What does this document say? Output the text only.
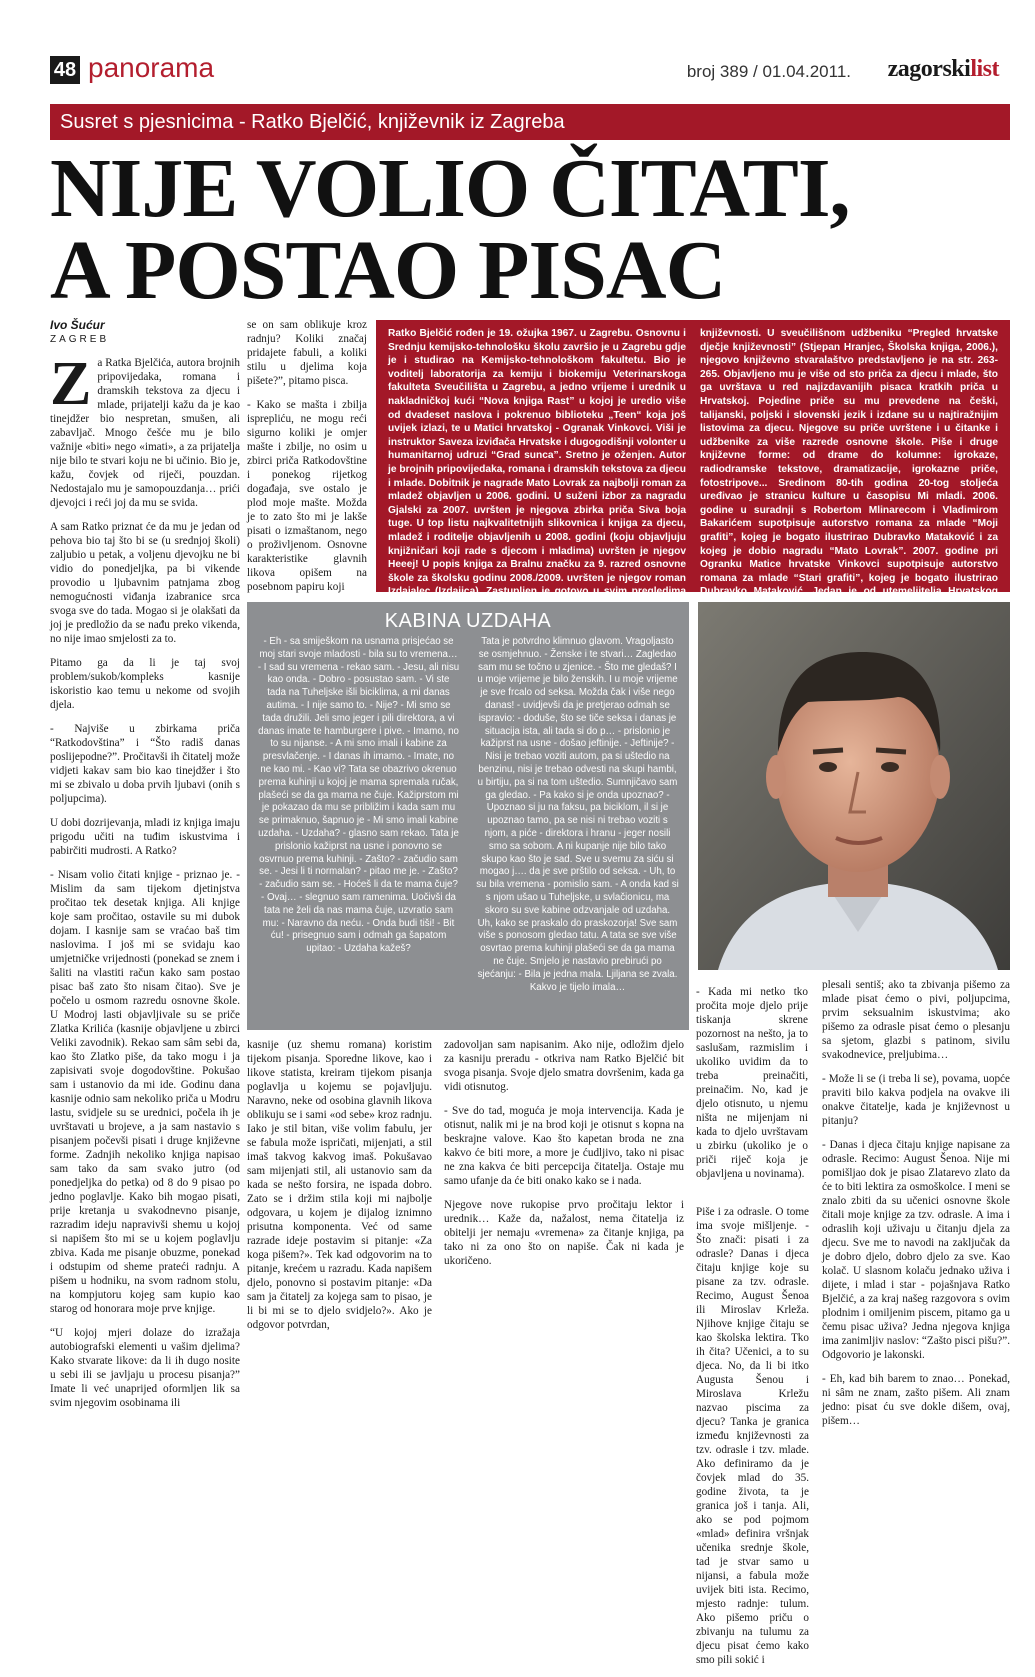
48 panorama	broj 389 / 01.04.2011. zagorskilist
Susret s pjesnicima - Ratko Bjelčić, književnik iz Zagreba
NIJE VOLIO ČITATI,
A POSTAO PISAC
Ivo Šućur
ZAGREB

Za Ratka Bjelčića, autora brojnih pripovijedaka, romana i dramskih tekstova za djecu i mlade, prijatelji kažu da je kao tinejdžer bio nespretan, smušen, ali zabavljač. Mnogo češće mu je bilo važnije «biti» nego «imati», a za prijatelja nije bilo te stvari koju ne bi učinio. Bio je, kažu, čovjek od riječi, pouzdan. Nedostajalo mu je samopouzdanja… prići djevojci i reći joj da mu se svida.

A sam Ratko priznat će da mu je jedan od pehova bio taj što bi se (u srednjoj školi) zaljubio u petak, a voljenu djevojku ne bi vidio do ponedjeljka, pa bi vikende provodio u ljubavnim patnjama zbog nemogućnosti viđanja izabranice srca svoga sve do tada. Mogao si je olakšati da joj je predložio da se nađu preko vikenda, no nije imao smjelosti za to.

Pitamo ga da li je taj svoj problem/sukob/kompleks kasnije iskoristio kao temu u nekome od svojih djela.

- Najviše u zbirkama priča “Ratkodovština” i “Što radiš danas poslijepodne?”. Pročitavši ih čitatelj može vidjeti kakav sam bio kao tinejdžer i što mi se zbivalo u doba prvih ljubavi (onih s poljupcima).

U dobi dozrijevanja, mladi iz knjiga imaju prigodu učiti na tuđim iskustvima i pabirčiti mudrosti. A Ratko?

- Nisam volio čitati knjige - priznao je. - Mislim da sam tijekom djetinjstva pročitao tek desetak knjiga. Ali knjige koje sam pročitao, ostavile su mi dubok dojam. I kasnije sam se vraćao baš tim naslovima. I još mi se svidaju kao umjetničke vrijednosti (ponekad se znem i šaliti na vlastiti račun kako sam postao pisac baš zato što nisam čitao). Sve je počelo u osmom razredu osnovne škole. U Modroj lasti objavljivale su se priče Zlatka Krilića (kasnije objavljene u zbirci Veliki zavodnik). Rekao sam sâm sebi da, kao što Zlatko piše, da tako mogu i ja zapisivati svoje dogodovštine. Pokušao sam i ustanovio da mi ide. Godinu dana kasnije odnio sam nekoliko priča u Modru lastu, svidjele su se urednici, počela ih je uvrštavati u brojeve, a ja sam nastavio s pisanjem počevši pisati i druge književne forme. Zadnjih nekoliko knjiga napisao sam tako da sam svako jutro (od ponedjeljka do petka) od 8 do 9 pisao po jedno poglavlje. Kako bih mogao pisati, prije kretanja u svakodnevno pisanje, razradim ideju napravivši shemu u kojoj si napišem što mi se u kojem poglavlju zbiva. Kada me pisanje obuzme, ponekad i odstupim od sheme prateći radnju. A pišem u hodniku, na svom radnom stolu, na kompjutoru kojeg sam kupio kao starog od honorara moje prve knjige.

“U kojoj mjeri dolaze do izražaja autobiografski elementi u vašim djelima? Kako stvarate likove: da li ih dugo nosite u sebi ili se javljaju u procesu pisanja?” Imate li već unaprijed oformljen lik sa svim njegovim osobinama ili

se on sam oblikuje kroz radnju? Koliki značaj pridajete fabuli, a koliki stilu u djelima koja pišete?”, pitamo pisca.

- Kako se mašta i zbilja isprepliću, ne mogu reći sigurno koliki je omjer mašte i zbilje, no osim u zbirci priča Ratkodovštine i ponekog rijetkog događaja, sve ostalo je plod moje mašte. Možda je to zato što mi je lakše pisati o izmaštanom, nego o proživljenom. Osnovne karakteristike glavnih likova opišem na posebnom papiru koji

Ratko Bjelčić rođen je 19. ožujka 1967. u Zagrebu. Osnovnu i Srednju kemijsko-tehnološku školu završio je u Zagrebu gdje je i studirao na Kemijsko-tehnološkom fakultetu. Bio je voditelj laboratorija za kemiju i biokemiju Veterinarskoga fakulteta Sveučilišta u Zagrebu, a jedno vrijeme i urednik u nakladničkoj kući “Nova knjiga Rast” u kojoj je uredio više od dvadeset naslova i pokrenuo biblioteku „Teen“ koja još uvijek izlazi, te u Matici hrvatskoj - Ogranak Vinkovci. Viši je instruktor Saveza izviđača Hrvatske i dugogodišnji volonter u humanitarnoj udruzi “Grad sunca”. Sretno je oženjen. Autor je brojnih pripovijedaka, romana i dramskih tekstova za djecu i mlade. Dobitnik je nagrade Mato Lovrak za najbolji roman za mladež objavljen u 2006. godini. U suženi izbor za nagradu Gjalski za 2007. uvršten je njegova zbirka priča Siva boja tuge. U top listu najkvalitetnijih slikovnica i knjiga za djecu, mladež i roditelje objavljenih u 2008. godini (koju objavljuju knjižničari koji rade s djecom i mladima) uvršten je njegov Heeej! U popis knjiga za Bralnu značku za 9. razred osnovne škole za školsku godinu 2008./2009. uvršten je njegov roman Izdajalec (Izdajica). Zastupljen je gotovo u svim pregledima
književnosti. U sveučilišnom udžbeniku “Pregled hrvatske dječje književnosti” (Stjepan Hranjec, Školska knjiga, 2006.), njegovo književno stvaralaštvo predstavljeno je na str. 263-265. Objavljeno mu je više od sto priča za djecu i mlade, što ga uvrštava u red najizdavanijih pisaca kratkih priča u Hrvatskoj. Pojedine priče su mu prevedene na češki, talijanski, poljski i slovenski jezik i izdane su u najtiražnijim listovima za djecu. Njegove su priče uvrštene i u čitanke i udžbenike za više razrede osnovne škole. Piše i druge književne forme: od drame do kolumne: igrokaze, radiodramske tekstove, dramatizacije, igrokazne priče, fotostripove... Sredinom 80-tih godina 20-tog stoljeća uređivao je stranicu kulture u časopisu Mi mladi. 2006. godine u suradnji s Robertom Mlinarecom i Vladimirom Bakarićem supotpisuje autorstvo romana za mlade “Moji grafiti”, kojeg je bogato ilustrirao Dubravko Mataković i za kojeg je dobio nagradu “Mato Lovrak”. 2007. godine pri Ogranku Matice hrvatske Vinkovci supotpisuje autorstvo romana za mlade “Stari grafiti”, kojeg je bogato ilustrirao Dubravko Mataković. Jedan je od utemeljitelja Hrvatskog
KABINA UZDAHA
- Eh - sa smiješkom na usnama prisjećao se moj stari svoje mladosti - bila su to vremena… - I sad su vremena - rekao sam. - Jesu, ali nisu kao onda. - Dobro - posustao sam. - Vi ste tada na Tuheljske išli biciklima, a mi danas autima. - I nije samo to. - Nije? - Mi smo se tada družili. Jeli smo jeger i pili direktora, a vi danas imate te hamburgere i pive. - Imamo, no to su nijanse. - A mi smo imali i kabine za presvlačenje. - I danas ih imamo. - Imate, no ne kao mi. - Kao vi? Tata se obazrivo okrenuo prema kuhinji u kojoj je mama spremala ručak, plašeći se da ga mama ne čuje. Kažiprstom mi je pokazao da mu se približim i kada sam mu se primaknuo, šapnuo je - Mi smo imali kabine uzdaha. - Uzdaha? - glasno sam rekao. Tata je prislonio kažiprst na usne i ponovno se osvrnuo prema kuhinji. - Zašto? - začudio sam se. - Jesi li ti normalan? - pitao me je. - Zašto? - začudio sam se. - Hoćeš li da te mama čuje? - Ovaj… - slegnuo sam ramenima. Uočivši da tata ne želi da nas mama čuje, uzvratio sam mu: - Naravno da neću. - Onda budi tiši! - Bit ću! - prisegnuo sam i odmah ga šapatom upitao: - Uzdaha kažeš?
Tata je potvrdno klimnuo glavom. Vragoljasto se osmjehnuo. - Ženske i te stvari… Zagledao sam mu se točno u zjenice. - Što me gledaš? I u moje vrijeme je bilo ženskih. I u moje vrijeme je sve frcalo od seksa. Možda čak i više nego danas! - uvidjevši da je pretjerao odmah se ispravio: - doduše, što se tiče seksa i danas je situacija ista, ali tada si do p… - prislonio je kažiprst na usne - došao jeftinije. - Jeftinije? - Nisi je trebao voziti autom, pa si uštedio na benzinu, nisi je trebao odvesti na skupi hambi, u birtiju, pa si na tom uštedio. Sumnjičavo sam ga gledao. - Pa kako si je onda upoznao? - Upoznao si ju na faksu, pa biciklom, il si je upoznao tamo, pa se nisi ni trebao voziti s njom, a piće - direktora i hranu - jeger nosili smo sa sobom. A ni kupanje nije bilo tako skupo kao što je sad. Sve u svemu za siću si mogao j…. da je sve prštilo od seksa. - Uh, to su bila vremena - pomislio sam. - A onda kad si s njom ušao u Tuheljske, u svlačionicu, ma skoro su sve kabine odzvanjale od uzdaha. Uh, kako se praskalo do praskozorja! Sve sam više s ponosom gledao tatu. A tata se sve više osvrtao prema kuhinji plašeći se da ga mama ne čuje. Smjelo je nastavio prebirući po sjećanju: - Bila je jedna mala. Ljiljana se zvala. Kakvo je tijelo imala…

kasnije (uz shemu romana) koristim tijekom pisanja. Sporedne likove, kao i likove statista, kreiram tijekom pisanja poglavlja u kojemu se pojavljuju. Naravno, neke od osobina glavnih likova oblikuju se i sami «od sebe» kroz radnju. Iako je stil bitan, više volim fabulu, jer se fabula može ispričati, mijenjati, a stil imaš takvog kakvog imaš. Pokušavao sam mijenjati stil, ali ustanovio sam da kada se nešto forsira, ne ispada dobro. Zato se i držim stila koji mi najbolje odgovara, u kojem je dijalog iznimno prisutna komponenta. Već od same razrade ideje postavim si pitanje: «Za koga pišem?». Tek kad odgovorim na to pitanje, krećem u razradu. Kada napišem djelo, ponovno si postavim pitanje: «Da sam ja čitatelj za kojega sam to pisao, je li bi mi se to djelo svidjelo?». Ako je odgovor potvrdan,

zadovoljan sam napisanim. Ako nije, odložim djelo za kasniju preradu - otkriva nam Ratko Bjelčić bit svoga pisanja. Svoje djelo smatra dovršenim, kada ga vidi otisnutog.

- Sve do tad, moguća je moja intervencija. Kada je otisnut, nalik mi je na brod koji je otisnut s kopna na beskrajne valove. Kao što kapetan broda ne zna kakvo će biti more, a more je ćudljivo, tako ni pisac ne zna kakva će biti percepcija čitatelja. Ostaje mu samo ufanje da će biti onako kako se i nada.

Njegove nove rukopise prvo pročitaju lektor i urednik… Kaže da, nažalost, nema čitatelja iz obitelji jer nemaju «vremena» za čitanje knjiga, pa tako ni za ono što on napiše. Čak ni kada je ukoričeno.

- Kada mi netko tko pročita moje djelo prije tiskanja skrene pozornost na nešto, ja to saslušam, razmislim i ukoliko uvidim da to treba preinačiti, preinačim. No, kad je djelo otisnuto, u njemu ništa ne mijenjam ni kada to djelo uvrštavam u zbirku (ukoliko je o priči riječ koja je objavljena u novinama).

Piše i za odrasle. O tome ima svoje mišljenje. - Što znači: pisati i za odrasle? Danas i djeca čitaju knjige koje su pisane za tzv. odrasle. Recimo, August Šenoa ili Miroslav Krleža. Njihove knjige čitaju se kao školska lektira. Tko ih čita? Učenici, a to su djeca. No, da li bi itko Augusta Šenou i Miroslava Krležu nazvao piscima za djecu? Tanka je granica između književnosti za tzv. odrasle i tzv. mlade. Ako definiramo da je čovjek mlad do 35. godine života, ta je granica još i tanja. Ali, ako se pod pojmom «mlad» definira vršnjak učenika srednje škole, tad je stvar samo u nijansi, a fabula može uvijek biti ista. Recimo, mjesto radnje: tulum. Ako pišemo priču o zbivanju na tulumu za djecu pisat ćemo kako smo pili sokić i

plesali sentiš; ako ta zbivanja pišemo za mlade pisat ćemo o pivi, poljupcima, prvim seksualnim iskustvima; ako pišemo za odrasle pisat ćemo o plesanju sa sjetom, glazbi s patinom, sivilu svakodnevice, preljubima…

- Može li se (i treba li se), povama, uopće praviti bilo kakva podjela na ovakve ili onakve čitatelje, kada je književnost u pitanju?

- Danas i djeca čitaju knjige napisane za odrasle. Recimo: August Šenoa. Nije mi pomišljao dok je pisao Zlatarevo zlato da će to biti lektira za osmoškolce. I meni se znalo zbiti da su učenici osnovne škole čitali moje knjige za tzv. odrasle. A ima i odraslih koji uživaju u čitanju djela za djecu. Sve me to navodi na zaključak da je dobro djelo, dobro djelo za sve. Kao kolač. U slasnom kolaču jednako uživa i dijete, i mlad i star - pojašnjava Ratko Bjelčić, a za kraj našeg razgovora s ovim plodnim i omiljenim piscem, pitamo ga u čemu pisac uživa? Jedna njegova knjiga ima zanimljiv naslov: “Zašto pisci pišu?”. Odgovorio je lakonski.

- Eh, kad bih barem to znao… Ponekad, ni sâm ne znam, zašto pišem. Ali znam jedno: pisat ću sve dokle dišem, ovaj, pišem…
